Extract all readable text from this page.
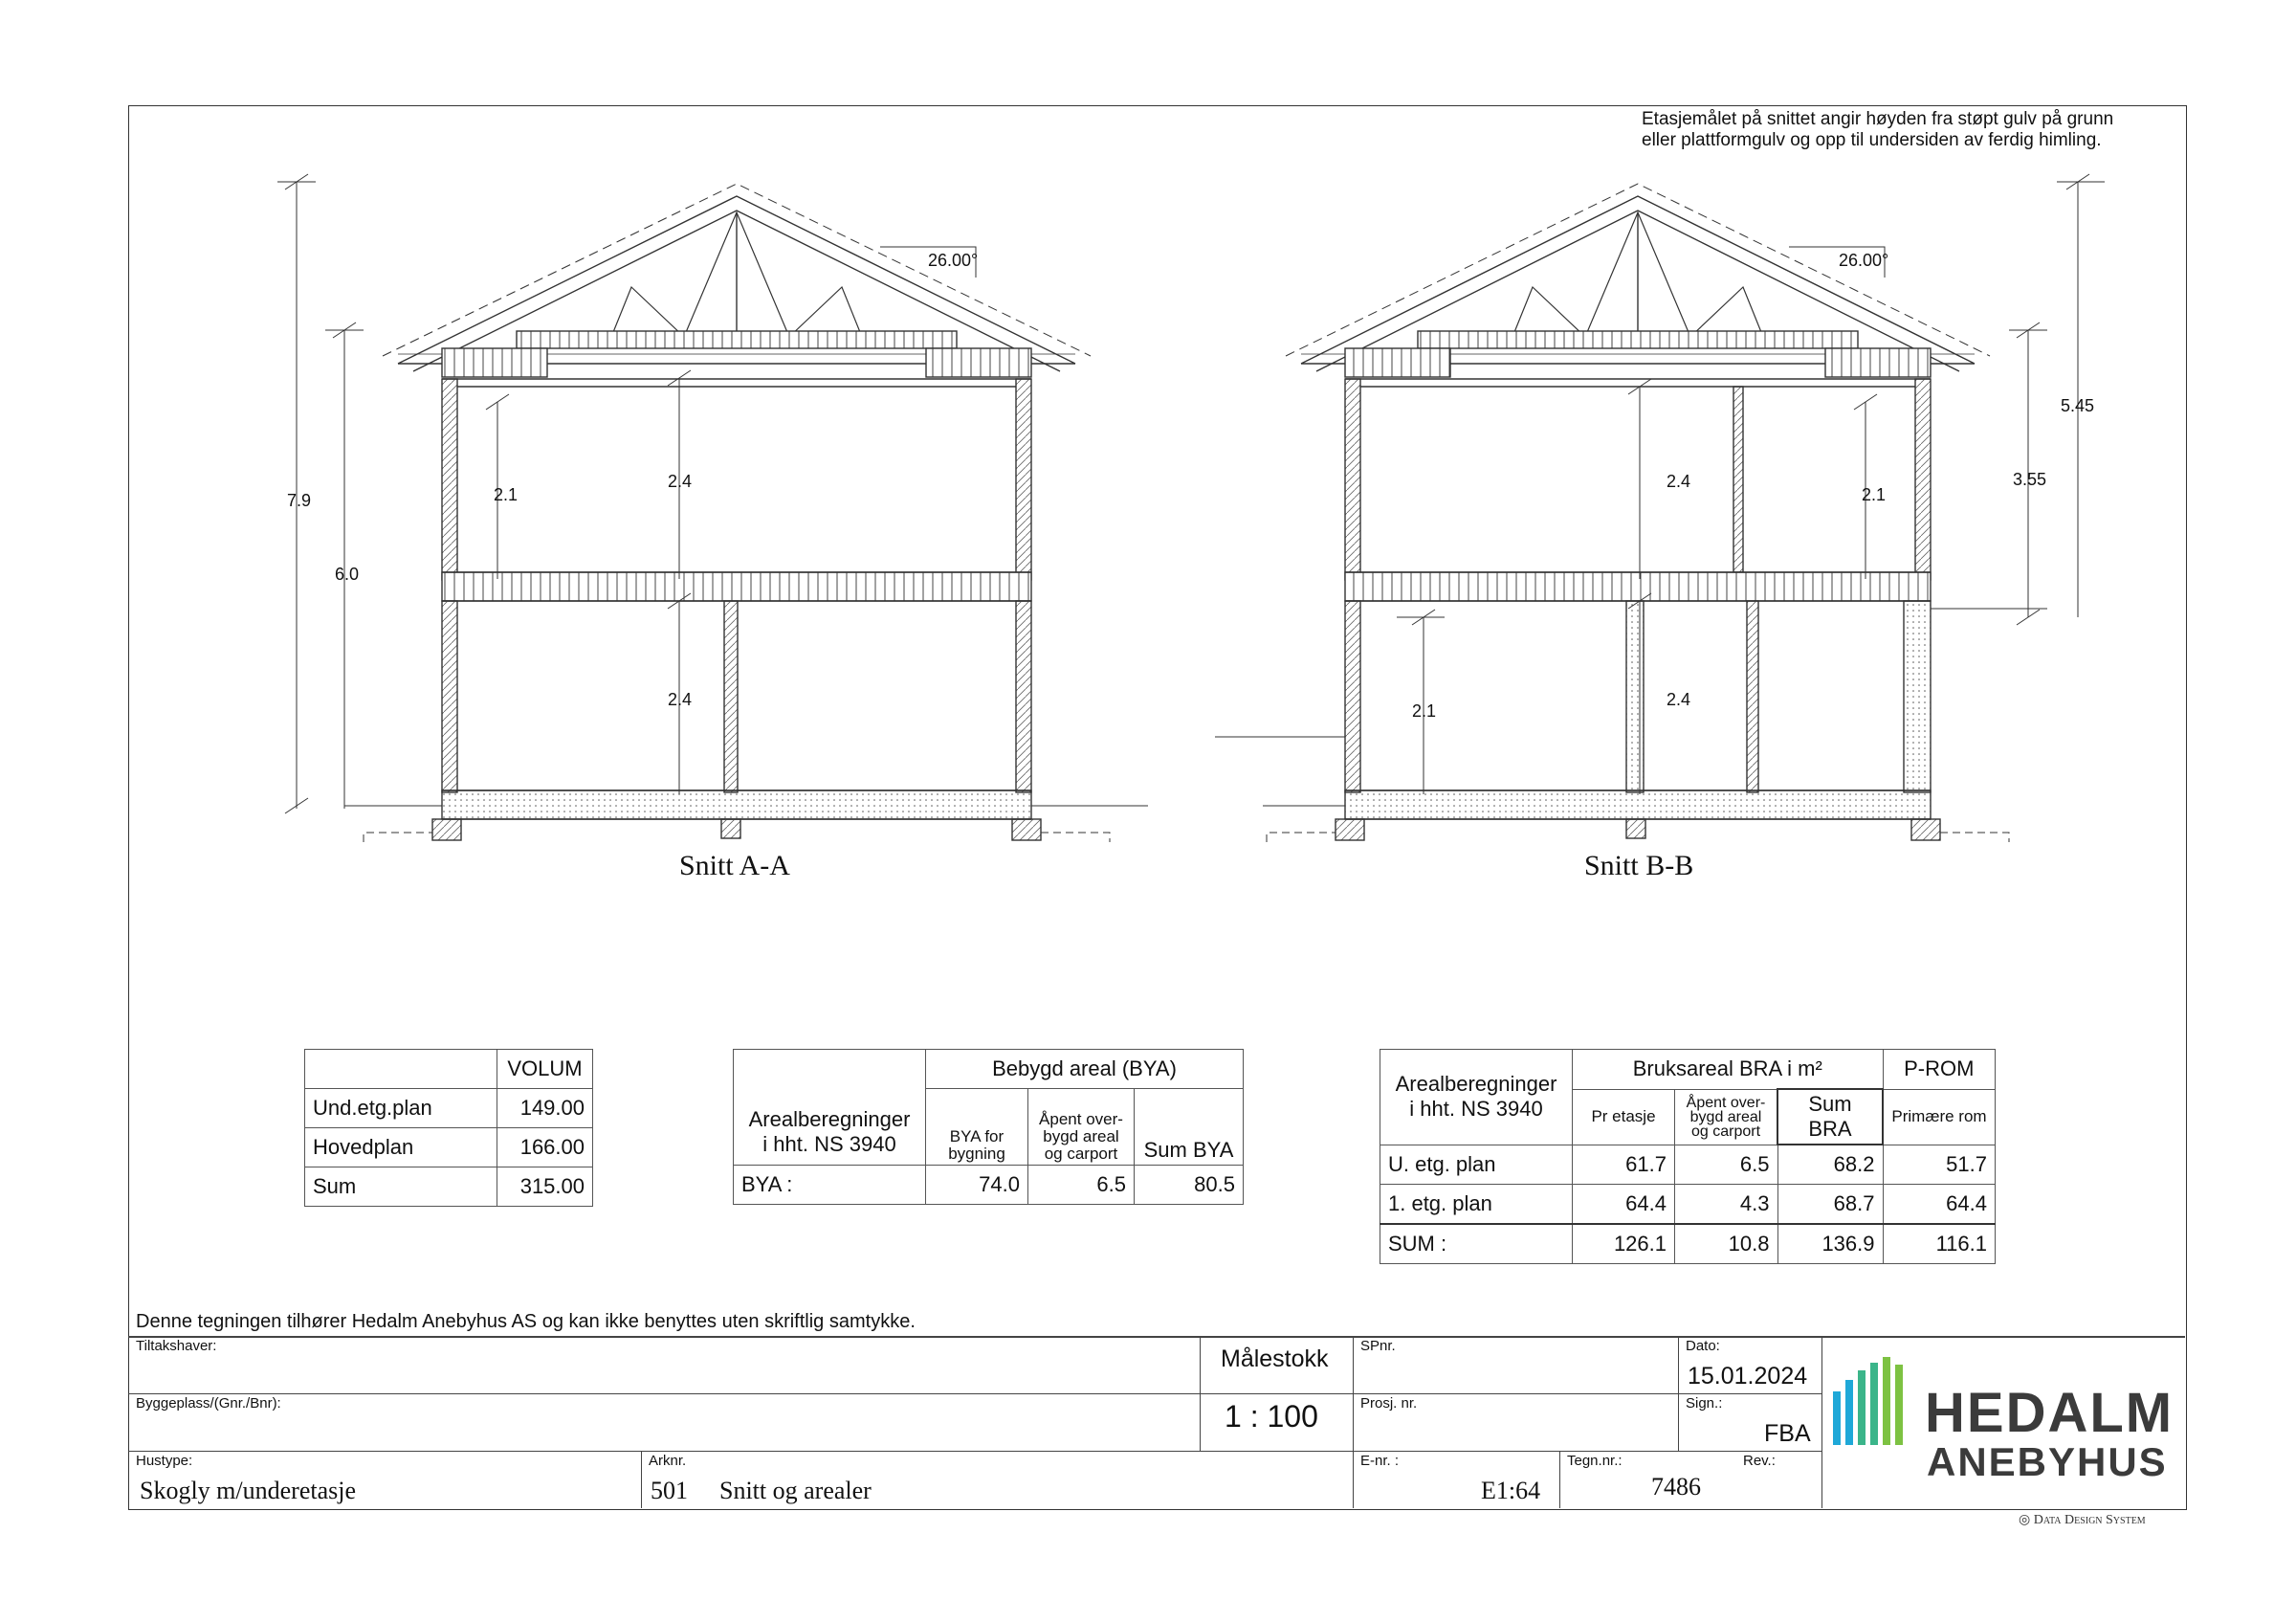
Etasjemålet på snittet angir høyden fra støpt gulv på grunn
eller plattformgulv og opp til undersiden av ferdig himling.
26.00°
7.9
6.0
2.1
2.4
2.4
Snitt A-A
26.00°
2.4
2.1
2.1
2.4
5.45
3.55
Snitt B-B
	VOLUM
Und.etg.plan	149.00
Hovedplan	166.00
Sum	315.00
Arealberegninger
i hht. NS 3940	Bebygd areal (BYA)		
	BYA for bygning	Åpent over- bygd areal og carport	Sum BYA
BYA :	74.0	6.5	80.5
Arealberegninger
i hht. NS 3940	Bruksareal BRA i m²			P-ROM
	Pr etasje	Åpent over- bygd areal og carport	Sum BRA	Primære rom
U. etg. plan	61.7	6.5	68.2	51.7
1. etg. plan	64.4	4.3	68.7	64.4
SUM :	126.1	10.8	136.9	116.1
Denne tegningen tilhører Hedalm Anebyhus AS og kan ikke benyttes uten skriftlig samtykke.
Tiltakshaver:
Byggeplass/(Gnr./Bnr):
Hustype:
Skogly m/underetasje
Arknr.
501 Snitt og arealer
Målestokk
1 : 100
SPnr.
Prosj. nr.
E-nr. :
E1:64
Tegn.nr.:
7486
Rev.:
Dato:
15.01.2024
Sign.:
FBA HEDALM
ANEBYHUS
◎ Data Design System
